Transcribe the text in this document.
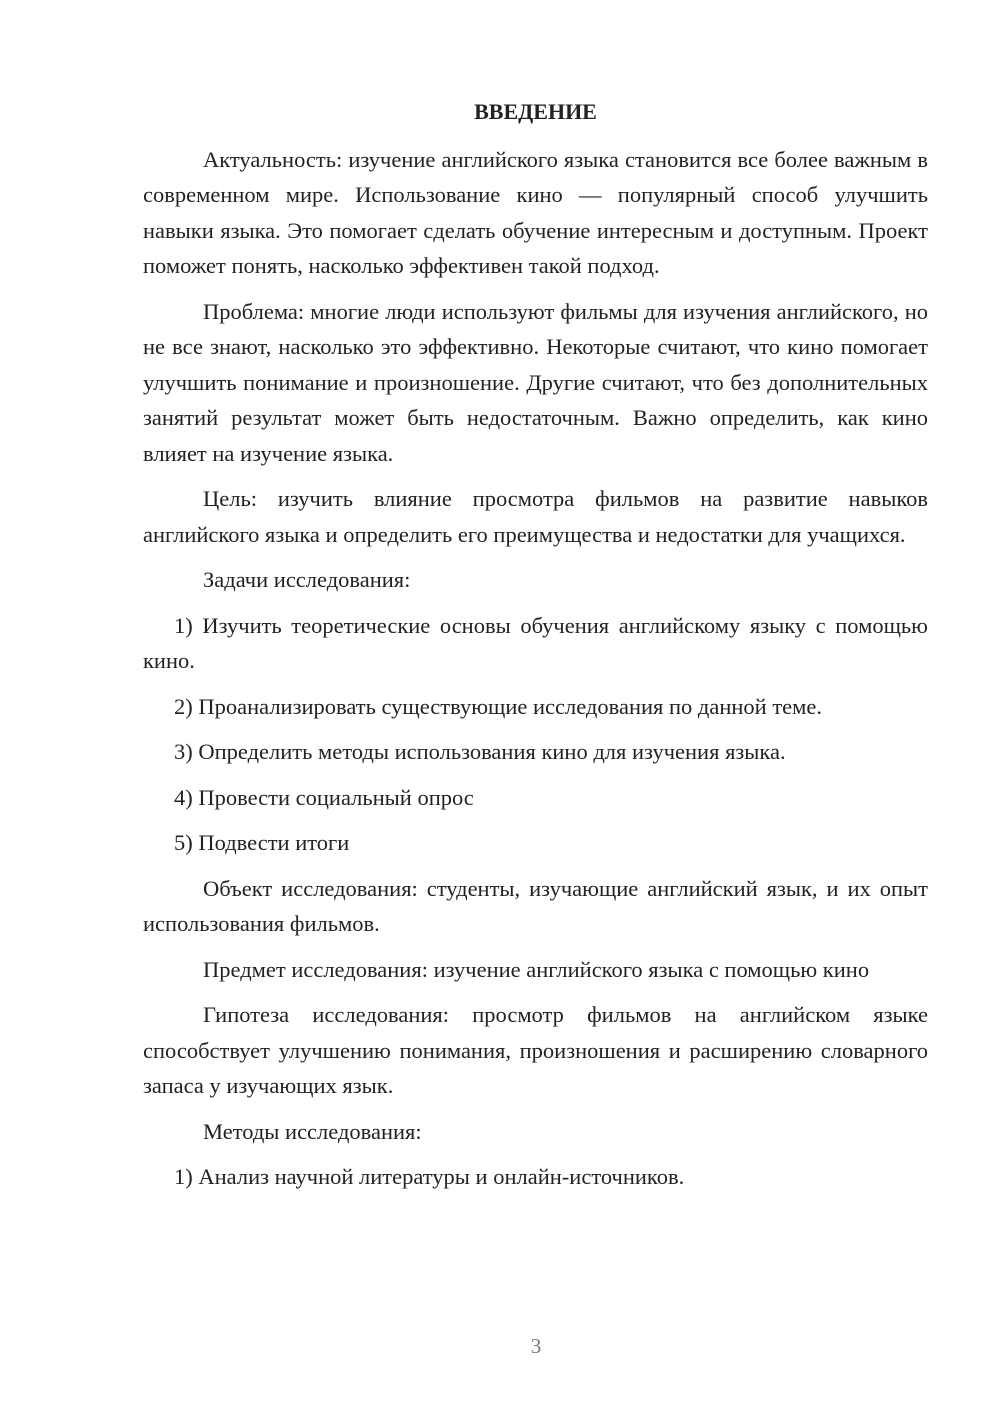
ВВЕДЕНИЕ

Актуальность: изучение английского языка становится все более важным в современном мире. Использование кино — популярный способ улучшить навыки языка. Это помогает сделать обучение интересным и доступным. Проект поможет понять, насколько эффективен такой подход.

Проблема: многие люди используют фильмы для изучения английского, но не все знают, насколько это эффективно. Некоторые считают, что кино помогает улучшить понимание и произношение. Другие считают, что без дополнительных занятий результат может быть недостаточным. Важно определить, как кино влияет на изучение языка.

Цель: изучить влияние просмотра фильмов на развитие навыков английского языка и определить его преимущества и недостатки для учащихся.

Задачи исследования:

1) Изучить теоретические основы обучения английскому языку с помощью кино.

2) Проанализировать существующие исследования по данной теме.

3) Определить методы использования кино для изучения языка.

4) Провести социальный опрос

5) Подвести итоги

Объект исследования: студенты, изучающие английский язык, и их опыт использования фильмов.

Предмет исследования: изучение английского языка с помощью кино

Гипотеза исследования: просмотр фильмов на английском языке способствует улучшению понимания, произношения и расширению словарного запаса у изучающих язык.

Методы исследования:

1) Анализ научной литературы и онлайн-источников.

3
